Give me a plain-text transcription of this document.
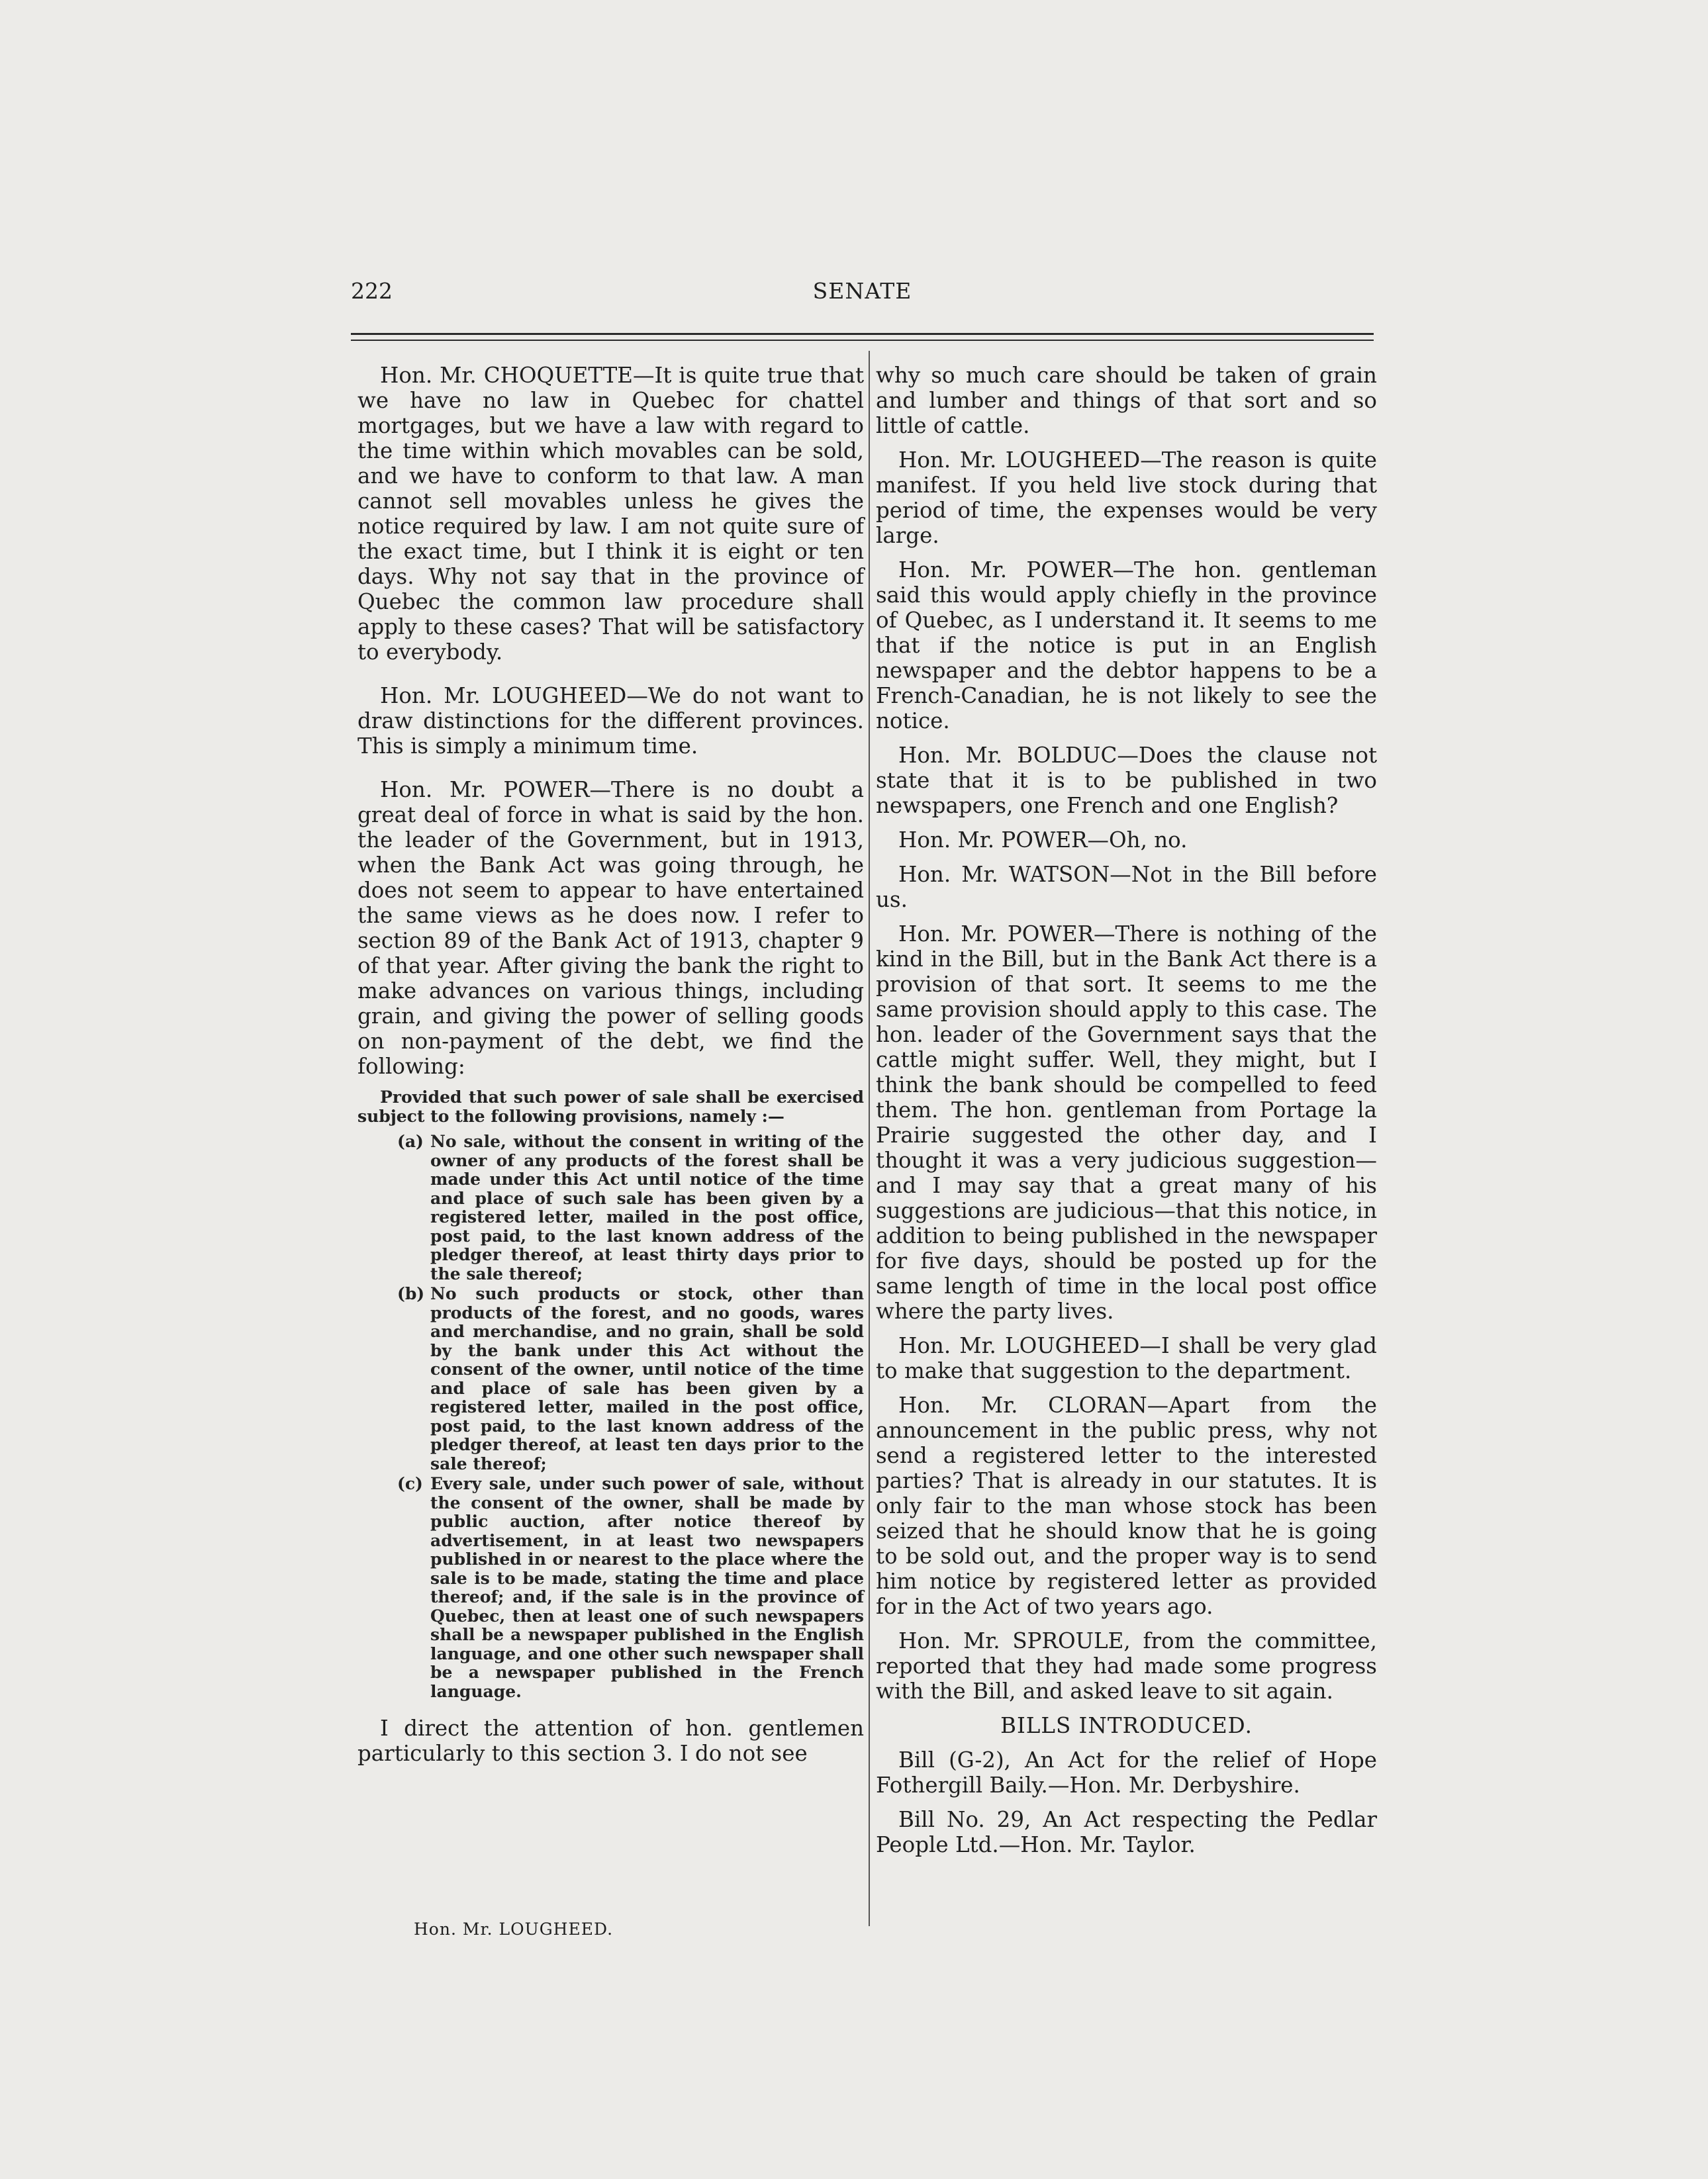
222	SENATE

Hon. Mr. CHOQUETTE—It is quite true that we have no law in Quebec for chattel mortgages, but we have a law with regard to the time within which movables can be sold, and we have to conform to that law. A man cannot sell movables unless he gives the notice required by law. I am not quite sure of the exact time, but I think it is eight or ten days. Why not say that in the province of Quebec the common law procedure shall apply to these cases? That will be satisfactory to everybody.

Hon. Mr. LOUGHEED—We do not want to draw distinctions for the different provinces. This is simply a minimum time.

Hon. Mr. POWER—There is no doubt a great deal of force in what is said by the hon. the leader of the Government, but in 1913, when the Bank Act was going through, he does not seem to appear to have entertained the same views as he does now. I refer to section 89 of the Bank Act of 1913, chapter 9 of that year. After giving the bank the right to make advances on various things, including grain, and giving the power of selling goods on non-payment of the debt, we find the following:

Provided that such power of sale shall be exercised subject to the following provisions, namely :—

(a) No sale, without the consent in writing of the owner of any products of the forest shall be made under this Act until notice of the time and place of such sale has been given by a registered letter, mailed in the post office, post paid, to the last known address of the pledger thereof, at least thirty days prior to the sale thereof;
(b) No such products or stock, other than products of the forest, and no goods, wares and merchandise, and no grain, shall be sold by the bank under this Act without the consent of the owner, until notice of the time and place of sale has been given by a registered letter, mailed in the post office, post paid, to the last known address of the pledger thereof, at least ten days prior to the sale thereof;
(c) Every sale, under such power of sale, without the consent of the owner, shall be made by public auction, after notice thereof by advertisement, in at least two newspapers published in or nearest to the place where the sale is to be made, stating the time and place thereof; and, if the sale is in the province of Quebec, then at least one of such newspapers shall be a newspaper published in the English language, and one other such newspaper shall be a newspaper published in the French language.

I direct the attention of hon. gentlemen particularly to this section 3. I do not see

why so much care should be taken of grain and lumber and things of that sort and so little of cattle.

Hon. Mr. LOUGHEED—The reason is quite manifest. If you held live stock during that period of time, the expenses would be very large.

Hon. Mr. POWER—The hon. gentleman said this would apply chiefly in the province of Quebec, as I understand it. It seems to me that if the notice is put in an English newspaper and the debtor happens to be a French-Canadian, he is not likely to see the notice.

Hon. Mr. BOLDUC—Does the clause not state that it is to be published in two newspapers, one French and one English?

Hon. Mr. POWER—Oh, no.

Hon. Mr. WATSON—Not in the Bill before us.

Hon. Mr. POWER—There is nothing of the kind in the Bill, but in the Bank Act there is a provision of that sort. It seems to me the same provision should apply to this case. The hon. leader of the Government says that the cattle might suffer. Well, they might, but I think the bank should be compelled to feed them. The hon. gentleman from Portage la Prairie suggested the other day, and I thought it was a very judicious suggestion—and I may say that a great many of his suggestions are judicious—that this notice, in addition to being published in the newspaper for five days, should be posted up for the same length of time in the local post office where the party lives.

Hon. Mr. LOUGHEED—I shall be very glad to make that suggestion to the department.

Hon. Mr. CLORAN—Apart from the announcement in the public press, why not send a registered letter to the interested parties? That is already in our statutes. It is only fair to the man whose stock has been seized that he should know that he is going to be sold out, and the proper way is to send him notice by registered letter as provided for in the Act of two years ago.

Hon. Mr. SPROULE, from the committee, reported that they had made some progress with the Bill, and asked leave to sit again.

BILLS INTRODUCED.

Bill (G-2), An Act for the relief of Hope Fothergill Baily.—Hon. Mr. Derbyshire.

Bill No. 29, An Act respecting the Pedlar People Ltd.—Hon. Mr. Taylor.

Hon. Mr. LOUGHEED.
